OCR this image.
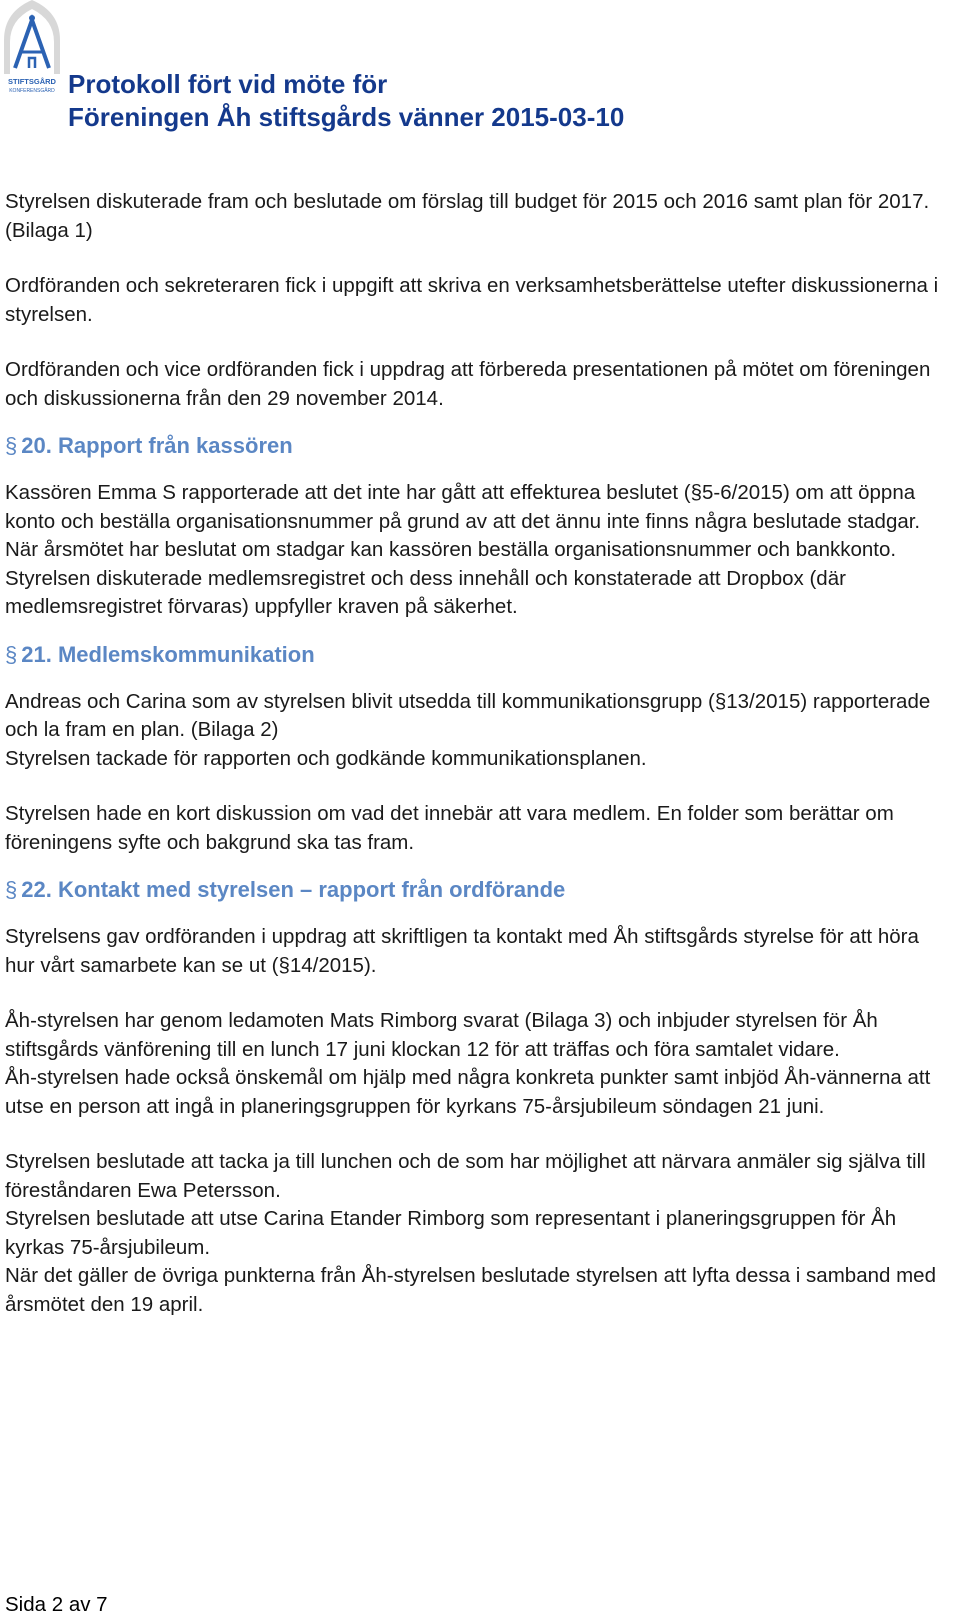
STIFTSGÅRD
KONFERENSGÅRD Protokoll fört vid möte för
Föreningen Åh stiftsgårds vänner 2015-03-10

Styrelsen diskuterade fram och beslutade om förslag till budget för 2015 och 2016 samt plan för 2017. (Bilaga 1)

Ordföranden och sekreteraren fick i uppgift att skriva en verksamhetsberättelse utefter diskussionerna i styrelsen.

Ordföranden och vice ordföranden fick i uppdrag att förbereda presentationen på mötet om föreningen och diskussionerna från den 29 november 2014.

§ 20. Rapport från kassören

Kassören Emma S rapporterade att det inte har gått att effekturea beslutet (§5-6/2015) om att öppna konto och beställa organisationsnummer på grund av att det ännu inte finns några beslutade stadgar.

När årsmötet har beslutat om stadgar kan kassören beställa organisationsnummer och bankkonto.

Styrelsen diskuterade medlemsregistret och dess innehåll och konstaterade att Dropbox (där medlemsregistret förvaras) uppfyller kraven på säkerhet.

§ 21. Medlemskommunikation

Andreas och Carina som av styrelsen blivit utsedda till kommunikationsgrupp (§13/2015) rapporterade och la fram en plan. (Bilaga 2)

Styrelsen tackade för rapporten och godkände kommunikationsplanen.

Styrelsen hade en kort diskussion om vad det innebär att vara medlem. En folder som berättar om föreningens syfte och bakgrund ska tas fram.

§ 22. Kontakt med styrelsen – rapport från ordförande

Styrelsens gav ordföranden i uppdrag att skriftligen ta kontakt med Åh stiftsgårds styrelse för att höra hur vårt samarbete kan se ut (§14/2015).

Åh-styrelsen har genom ledamoten Mats Rimborg svarat (Bilaga 3) och inbjuder styrelsen för Åh stiftsgårds vänförening till en lunch 17 juni klockan 12 för att träffas och föra samtalet vidare.

Åh-styrelsen hade också önskemål om hjälp med några konkreta punkter samt inbjöd Åh-vännerna att utse en person att ingå in planeringsgruppen för kyrkans 75-årsjubileum söndagen 21 juni.

Styrelsen beslutade att tacka ja till lunchen och de som har möjlighet att närvara anmäler sig själva till föreståndaren Ewa Petersson.

Styrelsen beslutade att utse Carina Etander Rimborg som representant i planeringsgruppen för Åh kyrkas 75-årsjubileum.

När det gäller de övriga punkterna från Åh-styrelsen beslutade styrelsen att lyfta dessa i samband med årsmötet den 19 april.

Sida 2 av 7
